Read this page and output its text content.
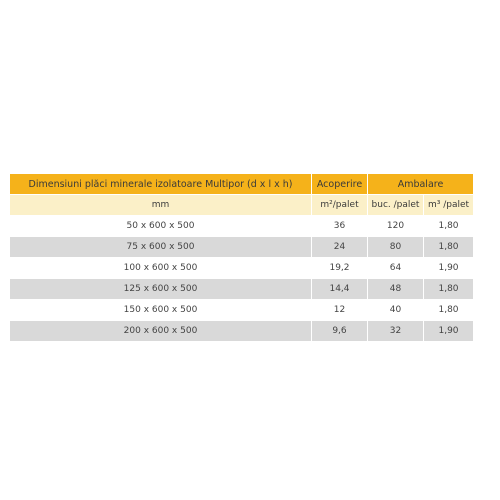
Dimensiuni plăci minerale izolatoare Multipor (d x l x h)	Acoperire	Ambalare	
mm	m²/palet	buc. /palet	m³ /palet
50 x 600 x 500	36	120	1,80
75 x 600 x 500	24	80	1,80
100 x 600 x 500	19,2	64	1,90
125 x 600 x 500	14,4	48	1,80
150 x 600 x 500	12	40	1,80
200 x 600 x 500	9,6	32	1,90
